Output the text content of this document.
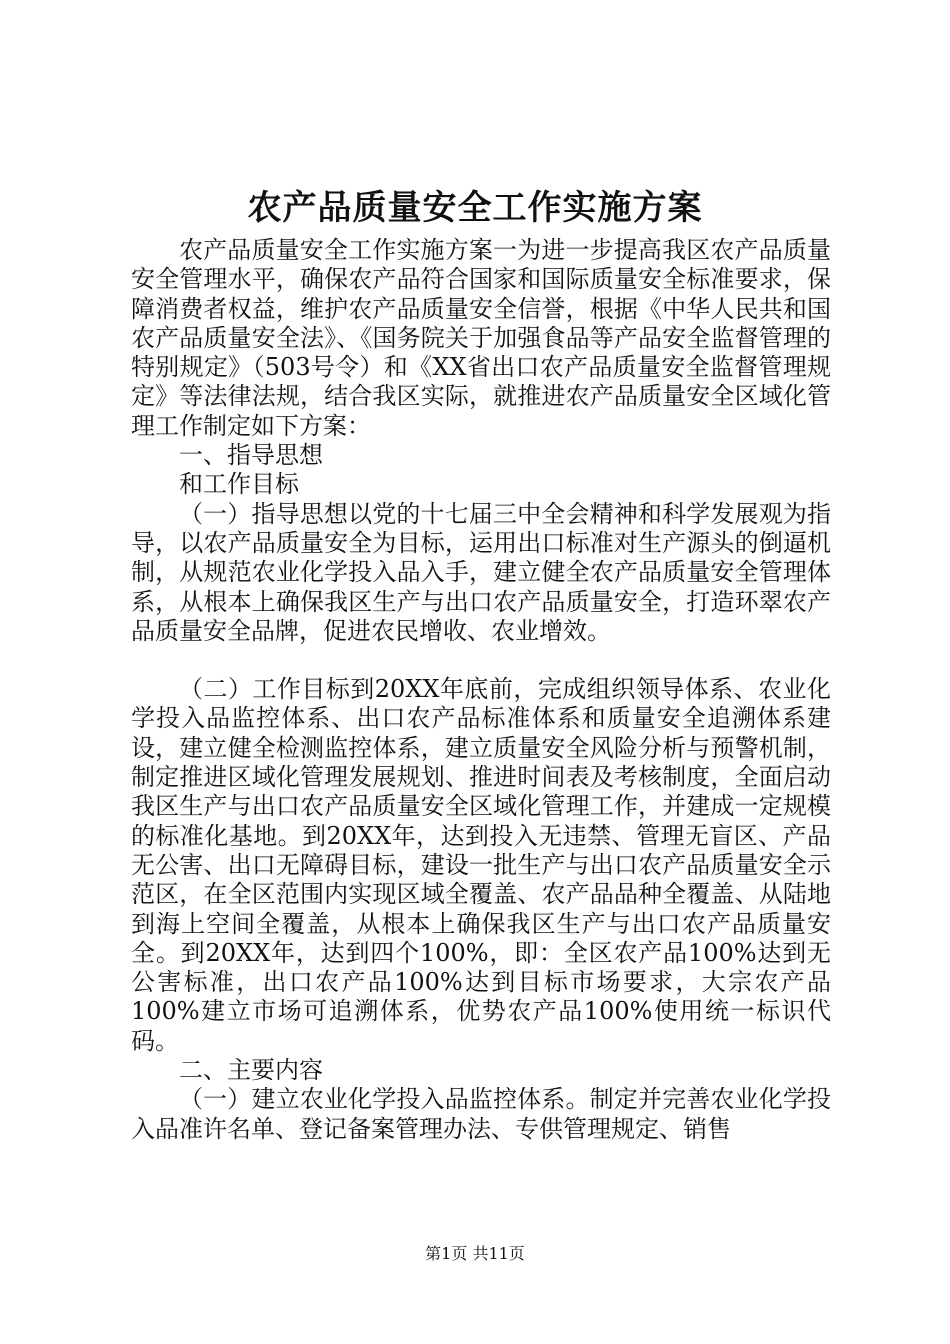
农产品质量安全工作实施方案

农产品质量安全工作实施方案一为进一步提高我区农产品质量安全管理水平，确保农产品符合国家和国际质量安全标准要求，保障消费者权益，维护农产品质量安全信誉，根据《中华人民共和国农产品质量安全法》、《国务院关于加强食品等产品安全监督管理的特别规定》（503号令）和《XX省出口农产品质量安全监督管理规定》等法律法规，结合我区实际，就推进农产品质量安全区域化管理工作制定如下方案：

一、指导思想

和工作目标

（一）指导思想以党的十七届三中全会精神和科学发展观为指导，以农产品质量安全为目标，运用出口标准对生产源头的倒逼机制，从规范农业化学投入品入手，建立健全农产品质量安全管理体系，从根本上确保我区生产与出口农产品质量安全，打造环翠农产品质量安全品牌，促进农民增收、农业增效。

（二）工作目标到20XX年底前，完成组织领导体系、农业化学投入品监控体系、出口农产品标准体系和质量安全追溯体系建设，建立健全检测监控体系，建立质量安全风险分析与预警机制，制定推进区域化管理发展规划、推进时间表及考核制度，全面启动我区生产与出口农产品质量安全区域化管理工作，并建成一定规模的标准化基地。到20XX年，达到投入无违禁、管理无盲区、产品无公害、出口无障碍目标，建设一批生产与出口农产品质量安全示范区，在全区范围内实现区域全覆盖、农产品品种全覆盖、从陆地到海上空间全覆盖，从根本上确保我区生产与出口农产品质量安全。到20XX年，达到四个100%，即：全区农产品100%达到无公害标准，出口农产品100%达到目标市场要求，大宗农产品100%建立市场可追溯体系，优势农产品100%使用统一标识代码。

二、主要内容

（一）建立农业化学投入品监控体系。制定并完善农业化学投入品准许名单、登记备案管理办法、专供管理规定、销售

第1页 共11页
